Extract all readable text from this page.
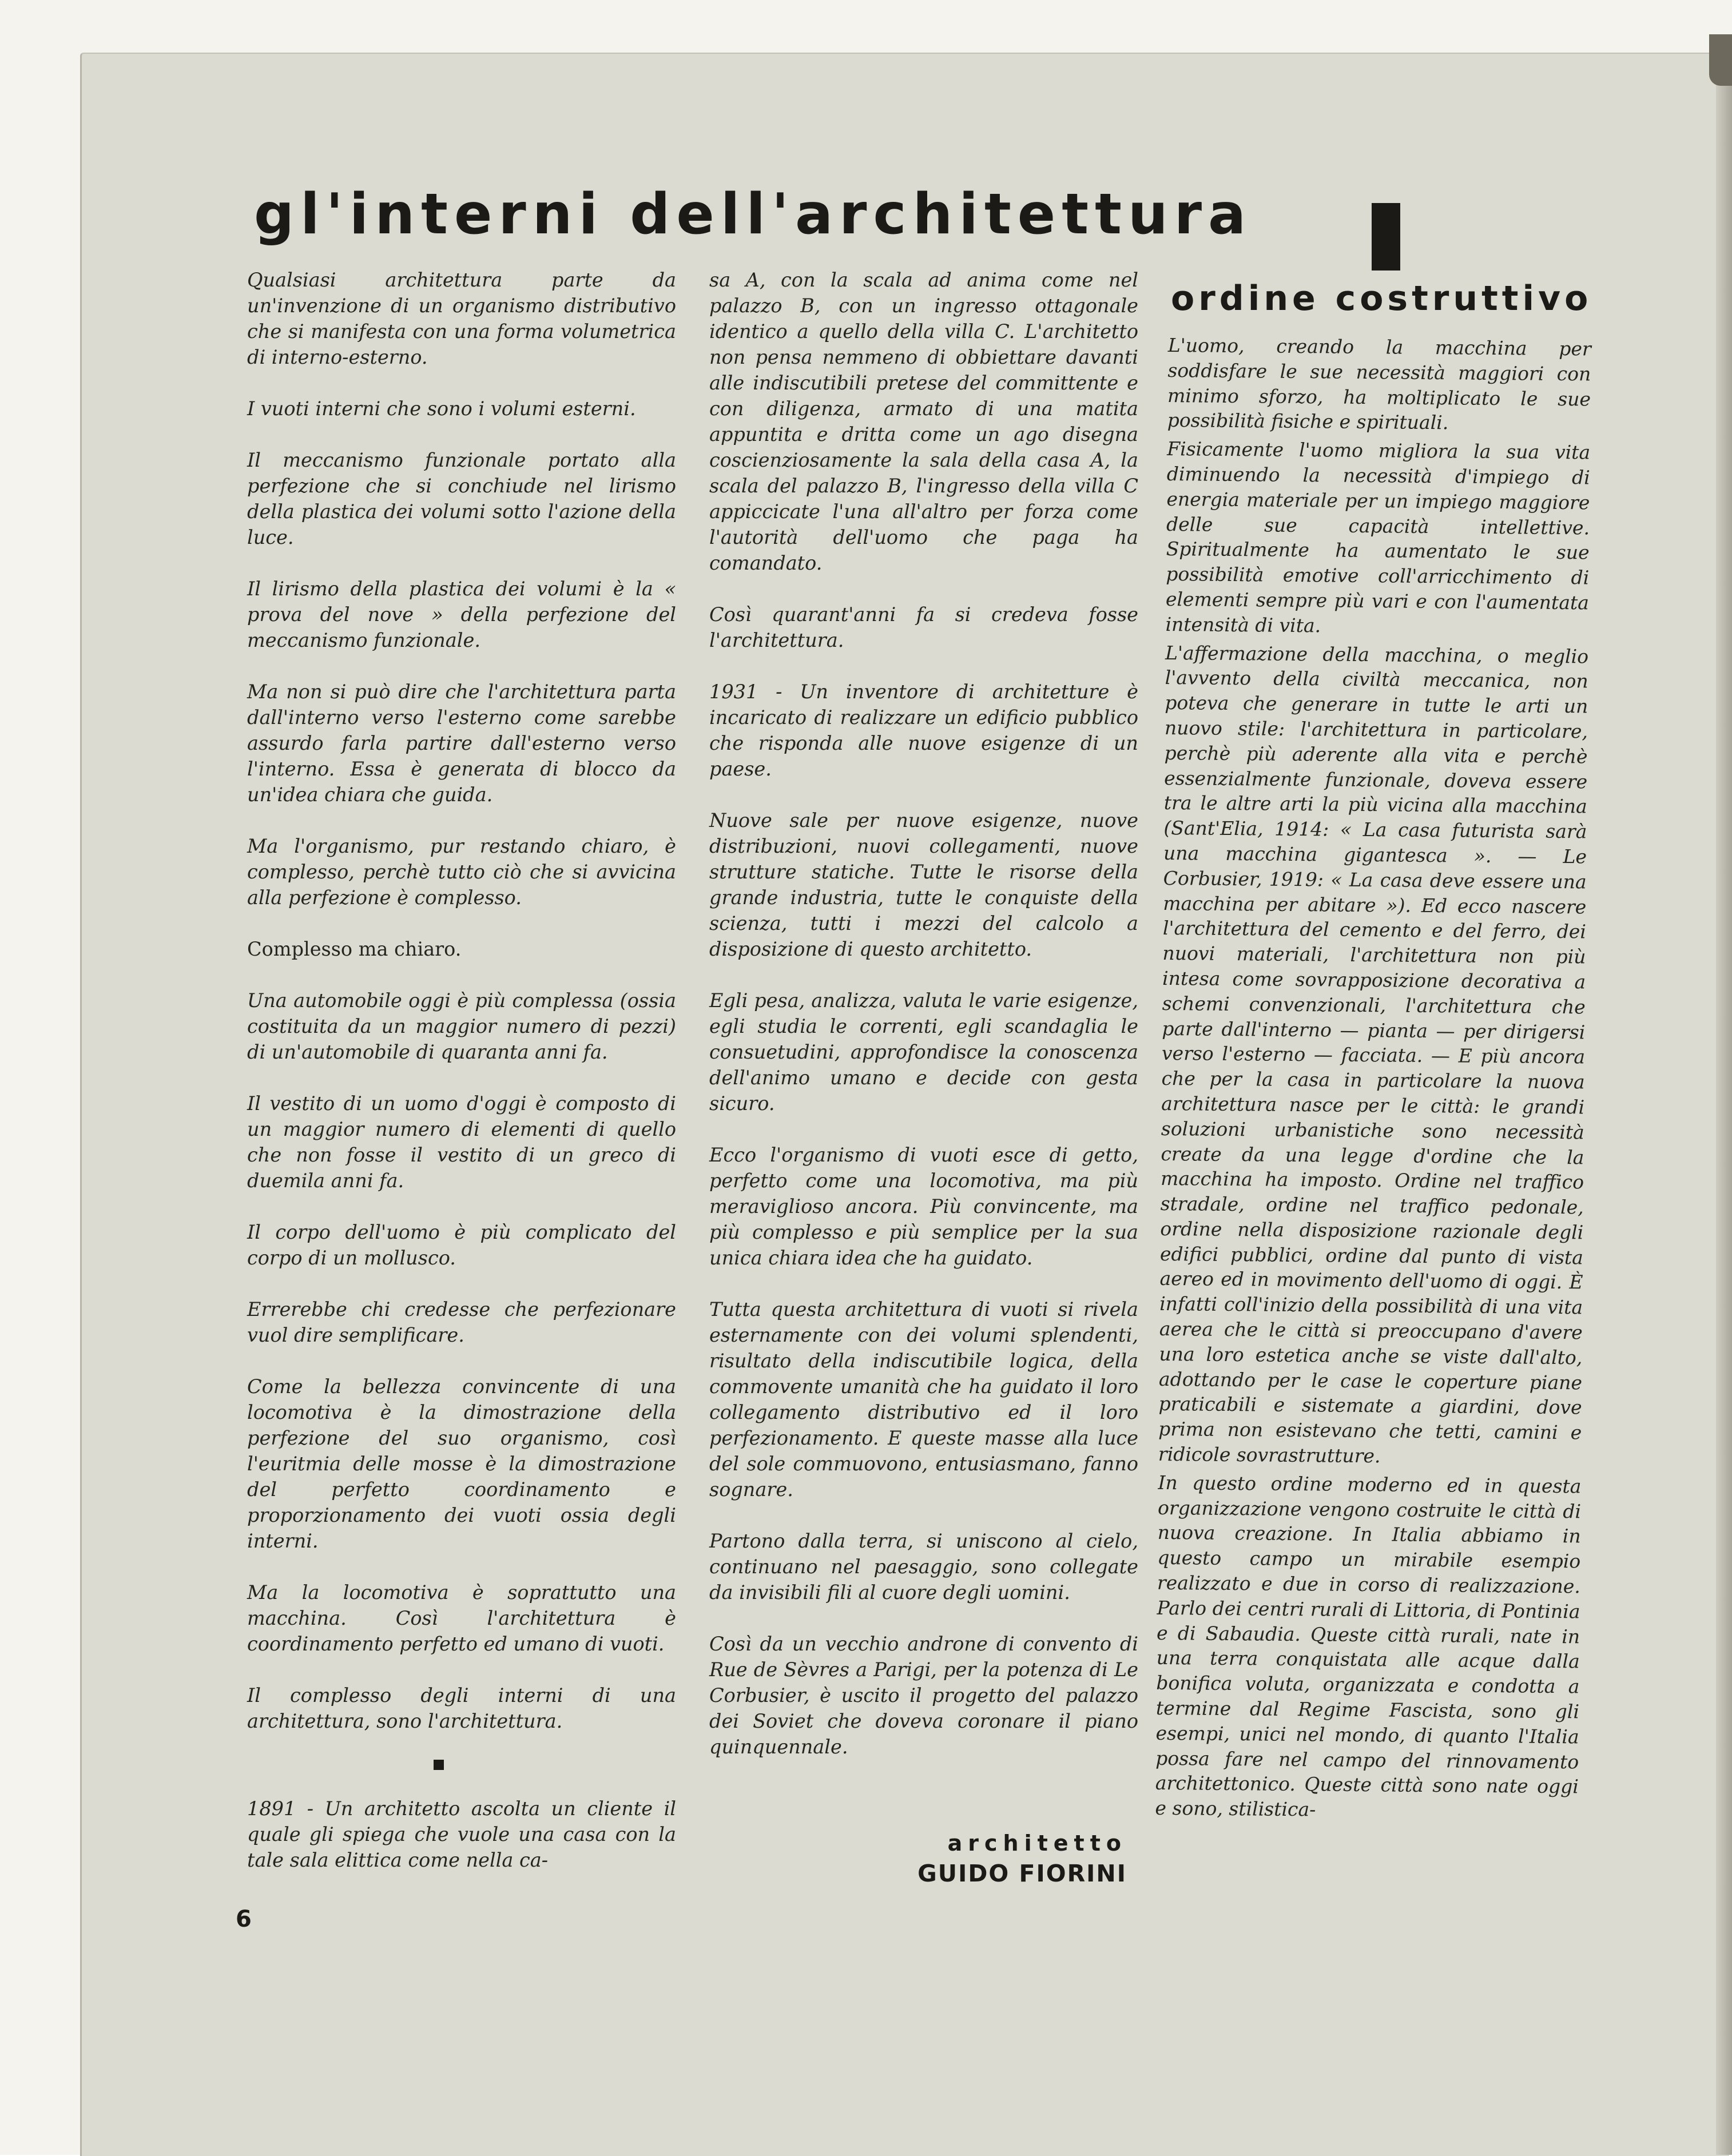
gl'interni dell'architettura
ordine costruttivo

Qualsiasi architettura parte da un'invenzione di un organismo distributivo che si manifesta con una forma volumetrica di interno-esterno.

I vuoti interni che sono i volumi esterni.

Il meccanismo funzionale portato alla perfezione che si conchiude nel lirismo della plastica dei volumi sotto l'azione della luce.

Il lirismo della plastica dei volumi è la « prova del nove » della perfezione del meccanismo funzionale.

Ma non si può dire che l'architettura parta dall'interno verso l'esterno come sarebbe assurdo farla partire dall'esterno verso l'interno. Essa è generata di blocco da un'idea chiara che guida.

Ma l'organismo, pur restando chiaro, è complesso, perchè tutto ciò che si avvicina alla perfezione è complesso.

Complesso ma chiaro.

Una automobile oggi è più complessa (ossia costituita da un maggior numero di pezzi) di un'automobile di quaranta anni fa.

Il vestito di un uomo d'oggi è composto di un maggior numero di elementi di quello che non fosse il vestito di un greco di duemila anni fa.

Il corpo dell'uomo è più complicato del corpo di un mollusco.

Errerebbe chi credesse che perfezionare vuol dire semplificare.

Come la bellezza convincente di una locomotiva è la dimostrazione della perfezione del suo organismo, così l'euritmia delle mosse è la dimostrazione del perfetto coordinamento e proporzionamento dei vuoti ossia degli interni.

Ma la locomotiva è soprattutto una macchina. Così l'architettura è coordinamento perfetto ed umano di vuoti.

Il complesso degli interni di una architettura, sono l'architettura.

1891 - Un architetto ascolta un cliente il quale gli spiega che vuole una casa con la tale sala elittica come nella ca-

sa A, con la scala ad anima come nel palazzo B, con un ingresso ottagonale identico a quello della villa C. L'architetto non pensa nemmeno di obbiettare davanti alle indiscutibili pretese del committente e con diligenza, armato di una matita appuntita e dritta come un ago disegna coscienziosamente la sala della casa A, la scala del palazzo B, l'ingresso della villa C appiccicate l'una all'altro per forza come l'autorità dell'uomo che paga ha comandato.

Così quarant'anni fa si credeva fosse l'architettura.

1931 - Un inventore di architetture è incaricato di realizzare un edificio pubblico che risponda alle nuove esigenze di un paese.

Nuove sale per nuove esigenze, nuove distribuzioni, nuovi collegamenti, nuove strutture statiche. Tutte le risorse della grande industria, tutte le conquiste della scienza, tutti i mezzi del calcolo a disposizione di questo architetto.

Egli pesa, analizza, valuta le varie esigenze, egli studia le correnti, egli scandaglia le consuetudini, approfondisce la conoscenza dell'animo umano e decide con gesta sicuro.

Ecco l'organismo di vuoti esce di getto, perfetto come una locomotiva, ma più meraviglioso ancora. Più convincente, ma più complesso e più semplice per la sua unica chiara idea che ha guidato.

Tutta questa architettura di vuoti si rivela esternamente con dei volumi splendenti, risultato della indiscutibile logica, della commovente umanità che ha guidato il loro collegamento distributivo ed il loro perfezionamento. E queste masse alla luce del sole commuovono, entusiasmano, fanno sognare.

Partono dalla terra, si uniscono al cielo, continuano nel paesaggio, sono collegate da invisibili fili al cuore degli uomini.

Così da un vecchio androne di convento di Rue de Sèvres a Parigi, per la potenza di Le Corbusier, è uscito il progetto del palazzo dei Soviet che doveva coronare il piano quinquennale.

architetto
GUIDO FIORINI

L'uomo, creando la macchina per soddisfare le sue necessità maggiori con minimo sforzo, ha moltiplicato le sue possibilità fisiche e spirituali.

Fisicamente l'uomo migliora la sua vita diminuendo la necessità d'impiego di energia materiale per un impiego maggiore delle sue capacità intellettive. Spiritualmente ha aumentato le sue possibilità emotive coll'arricchimento di elementi sempre più vari e con l'aumentata intensità di vita.

L'affermazione della macchina, o meglio l'avvento della civiltà meccanica, non poteva che generare in tutte le arti un nuovo stile: l'architettura in particolare, perchè più aderente alla vita e perchè essenzialmente funzionale, doveva essere tra le altre arti la più vicina alla macchina (Sant'Elia, 1914: « La casa futurista sarà una macchina gigantesca ». — Le Corbusier, 1919: « La casa deve essere una macchina per abitare »). Ed ecco nascere l'architettura del cemento e del ferro, dei nuovi materiali, l'architettura non più intesa come sovrapposizione decorativa a schemi convenzionali, l'architettura che parte dall'interno — pianta — per dirigersi verso l'esterno — facciata. — E più ancora che per la casa in particolare la nuova architettura nasce per le città: le grandi soluzioni urbanistiche sono necessità create da una legge d'ordine che la macchina ha imposto. Ordine nel traffico stradale, ordine nel traffico pedonale, ordine nella disposizione razionale degli edifici pubblici, ordine dal punto di vista aereo ed in movimento dell'uomo di oggi. È infatti coll'inizio della possibilità di una vita aerea che le città si preoccupano d'avere una loro estetica anche se viste dall'alto, adottando per le case le coperture piane praticabili e sistemate a giardini, dove prima non esistevano che tetti, camini e ridicole sovrastrutture.

In questo ordine moderno ed in questa organizzazione vengono costruite le città di nuova creazione. In Italia abbiamo in questo campo un mirabile esempio realizzato e due in corso di realizzazione. Parlo dei centri rurali di Littoria, di Pontinia e di Sabaudia. Queste città rurali, nate in una terra conquistata alle acque dalla bonifica voluta, organizzata e condotta a termine dal Regime Fascista, sono gli esempi, unici nel mondo, di quanto l'Italia possa fare nel campo del rinnovamento architettonico. Queste città sono nate oggi e sono, stilistica-

6
